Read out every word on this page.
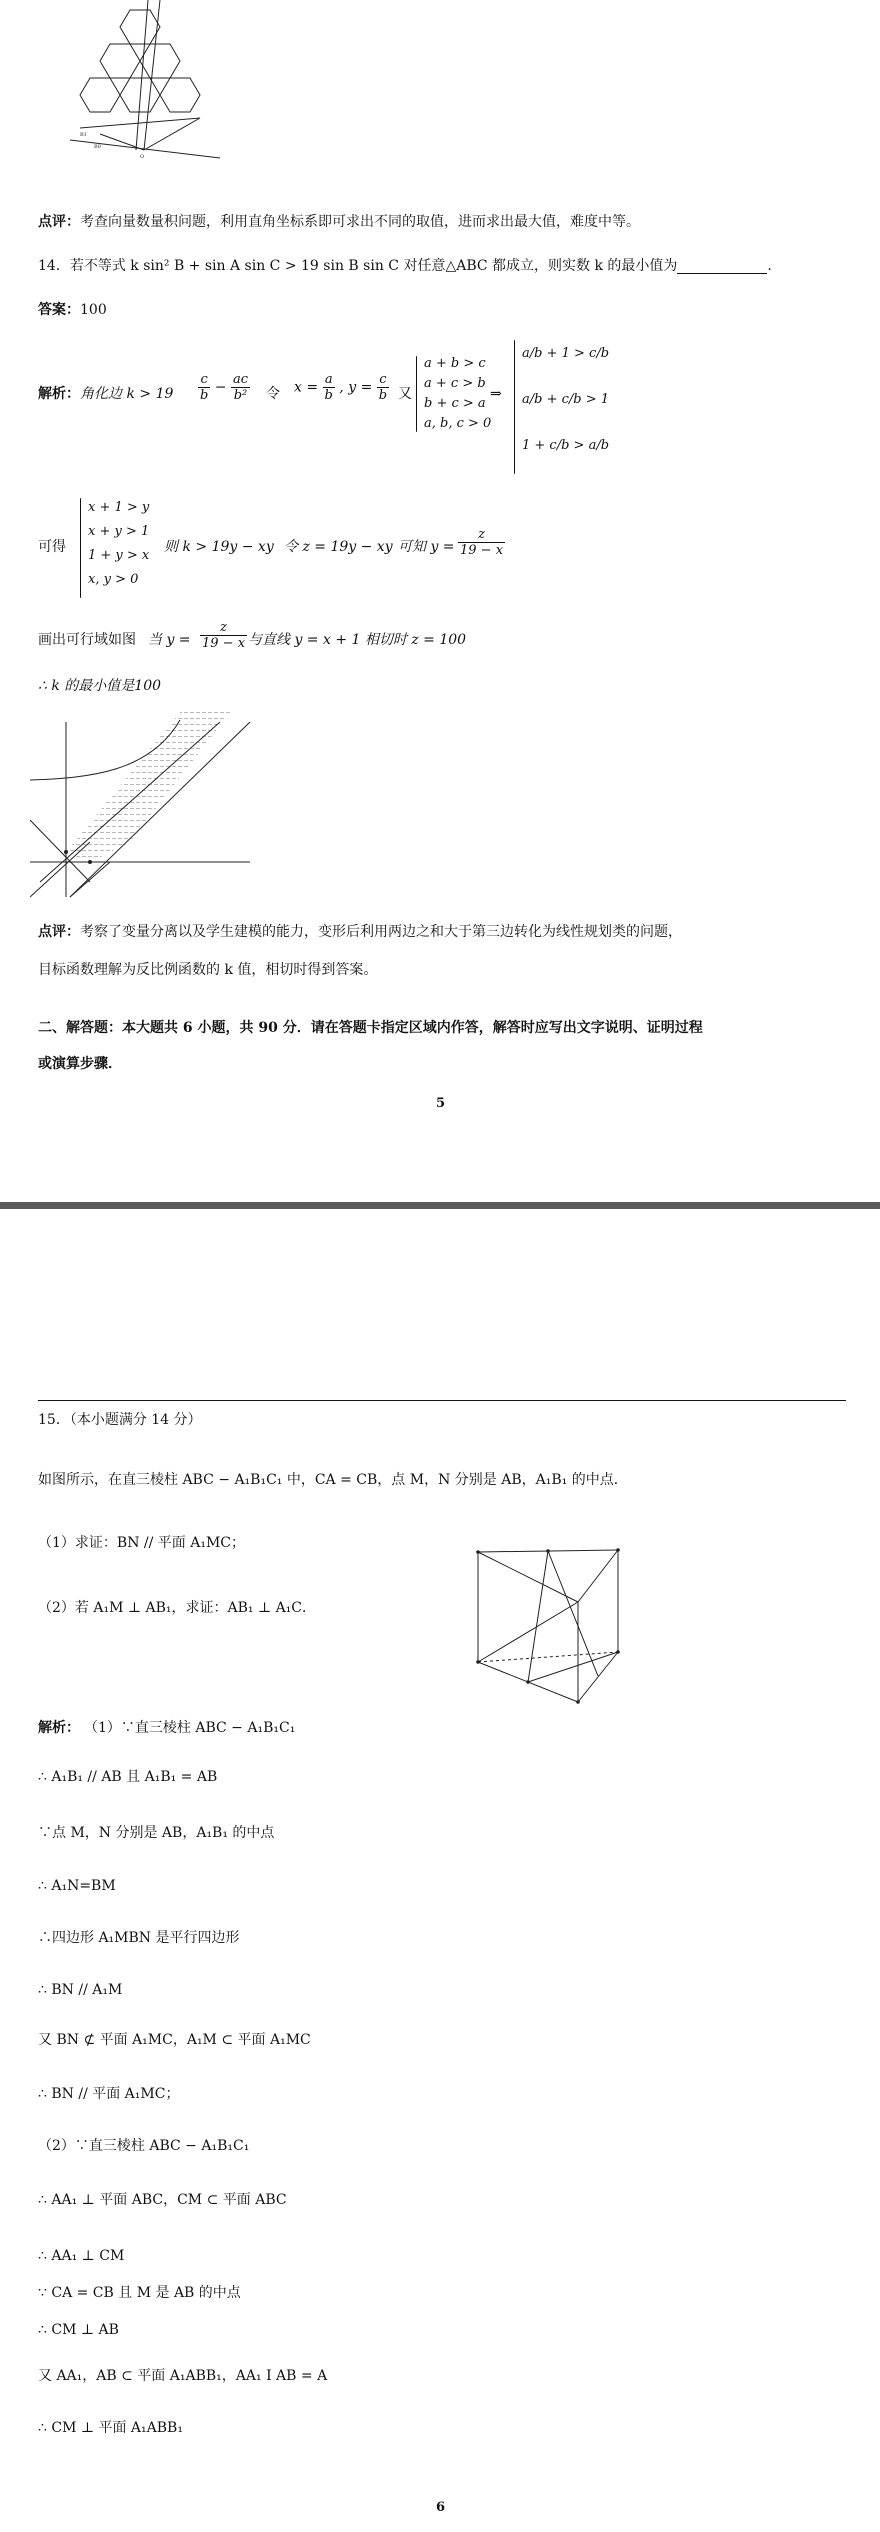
B1
B0
O
点评：考查向量数量积问题，利用直角坐标系即可求出不同的取值，进而求出最大值，难度中等。
14．若不等式 k sin² B + sin A sin C > 19 sin B sin C 对任意△ABC 都成立，则实数 k 的最小值为	.
答案：100
解析：角化边 $k > 19 \frac{c}{b} - \frac{ac}{\text{b²}}$ 令 $x = \frac{a}{b}$ , $y = \frac{c}{b}$ 又
a + b > c
a + c > b
b + c > a
a, b, c > 0
⇒
a/b + 1 > c/b
a/b + c/b > 1
1 + c/b > a/b
可得
x + 1 > y
x + y > 1
1 + y > x
x, y > 0
则 k > 19y − xy 令 z = 19y − xy 可知 $y = \frac{z}{19 - x}$
画出可行域如图 当 $y = \frac{z}{19 - x}$ 与直线 y = x + 1 相切时 z = 100
∴ k 的最小值是100
点评：考察了变量分离以及学生建模的能力，变形后利用两边之和大于第三边转化为线性规划类的问题，
目标函数理解为反比例函数的 k 值，相切时得到答案。
二、解答题：本大题共 6 小题，共 90 分．请在答题卡指定区域内作答，解答时应写出文字说明、证明过程
或演算步骤．
5
15．（本小题满分 14 分）
如图所示，在直三棱柱 ABC − A₁B₁C₁ 中，CA = CB，点 M，N 分别是 AB，A₁B₁ 的中点．
（1）求证：BN // 平面 A₁MC；
（2）若 A₁M ⊥ AB₁，求证：AB₁ ⊥ A₁C．
解析： （1）∵直三棱柱 ABC − A₁B₁C₁
∴ A₁B₁ // AB 且 A₁B₁ = AB
∵点 M，N 分别是 AB，A₁B₁ 的中点
∴ A₁N=BM
∴四边形 A₁MBN 是平行四边形
∴ BN // A₁M
又 BN ⊄ 平面 A₁MC，A₁M ⊂ 平面 A₁MC
∴ BN // 平面 A₁MC；
（2）∵直三棱柱 ABC − A₁B₁C₁
∴ AA₁ ⊥ 平面 ABC，CM ⊂ 平面 ABC
∴ AA₁ ⊥ CM
∵ CA = CB 且 M 是 AB 的中点
∴ CM ⊥ AB
又 AA₁，AB ⊂ 平面 A₁ABB₁，AA₁ I AB = A
∴ CM ⊥ 平面 A₁ABB₁
6
